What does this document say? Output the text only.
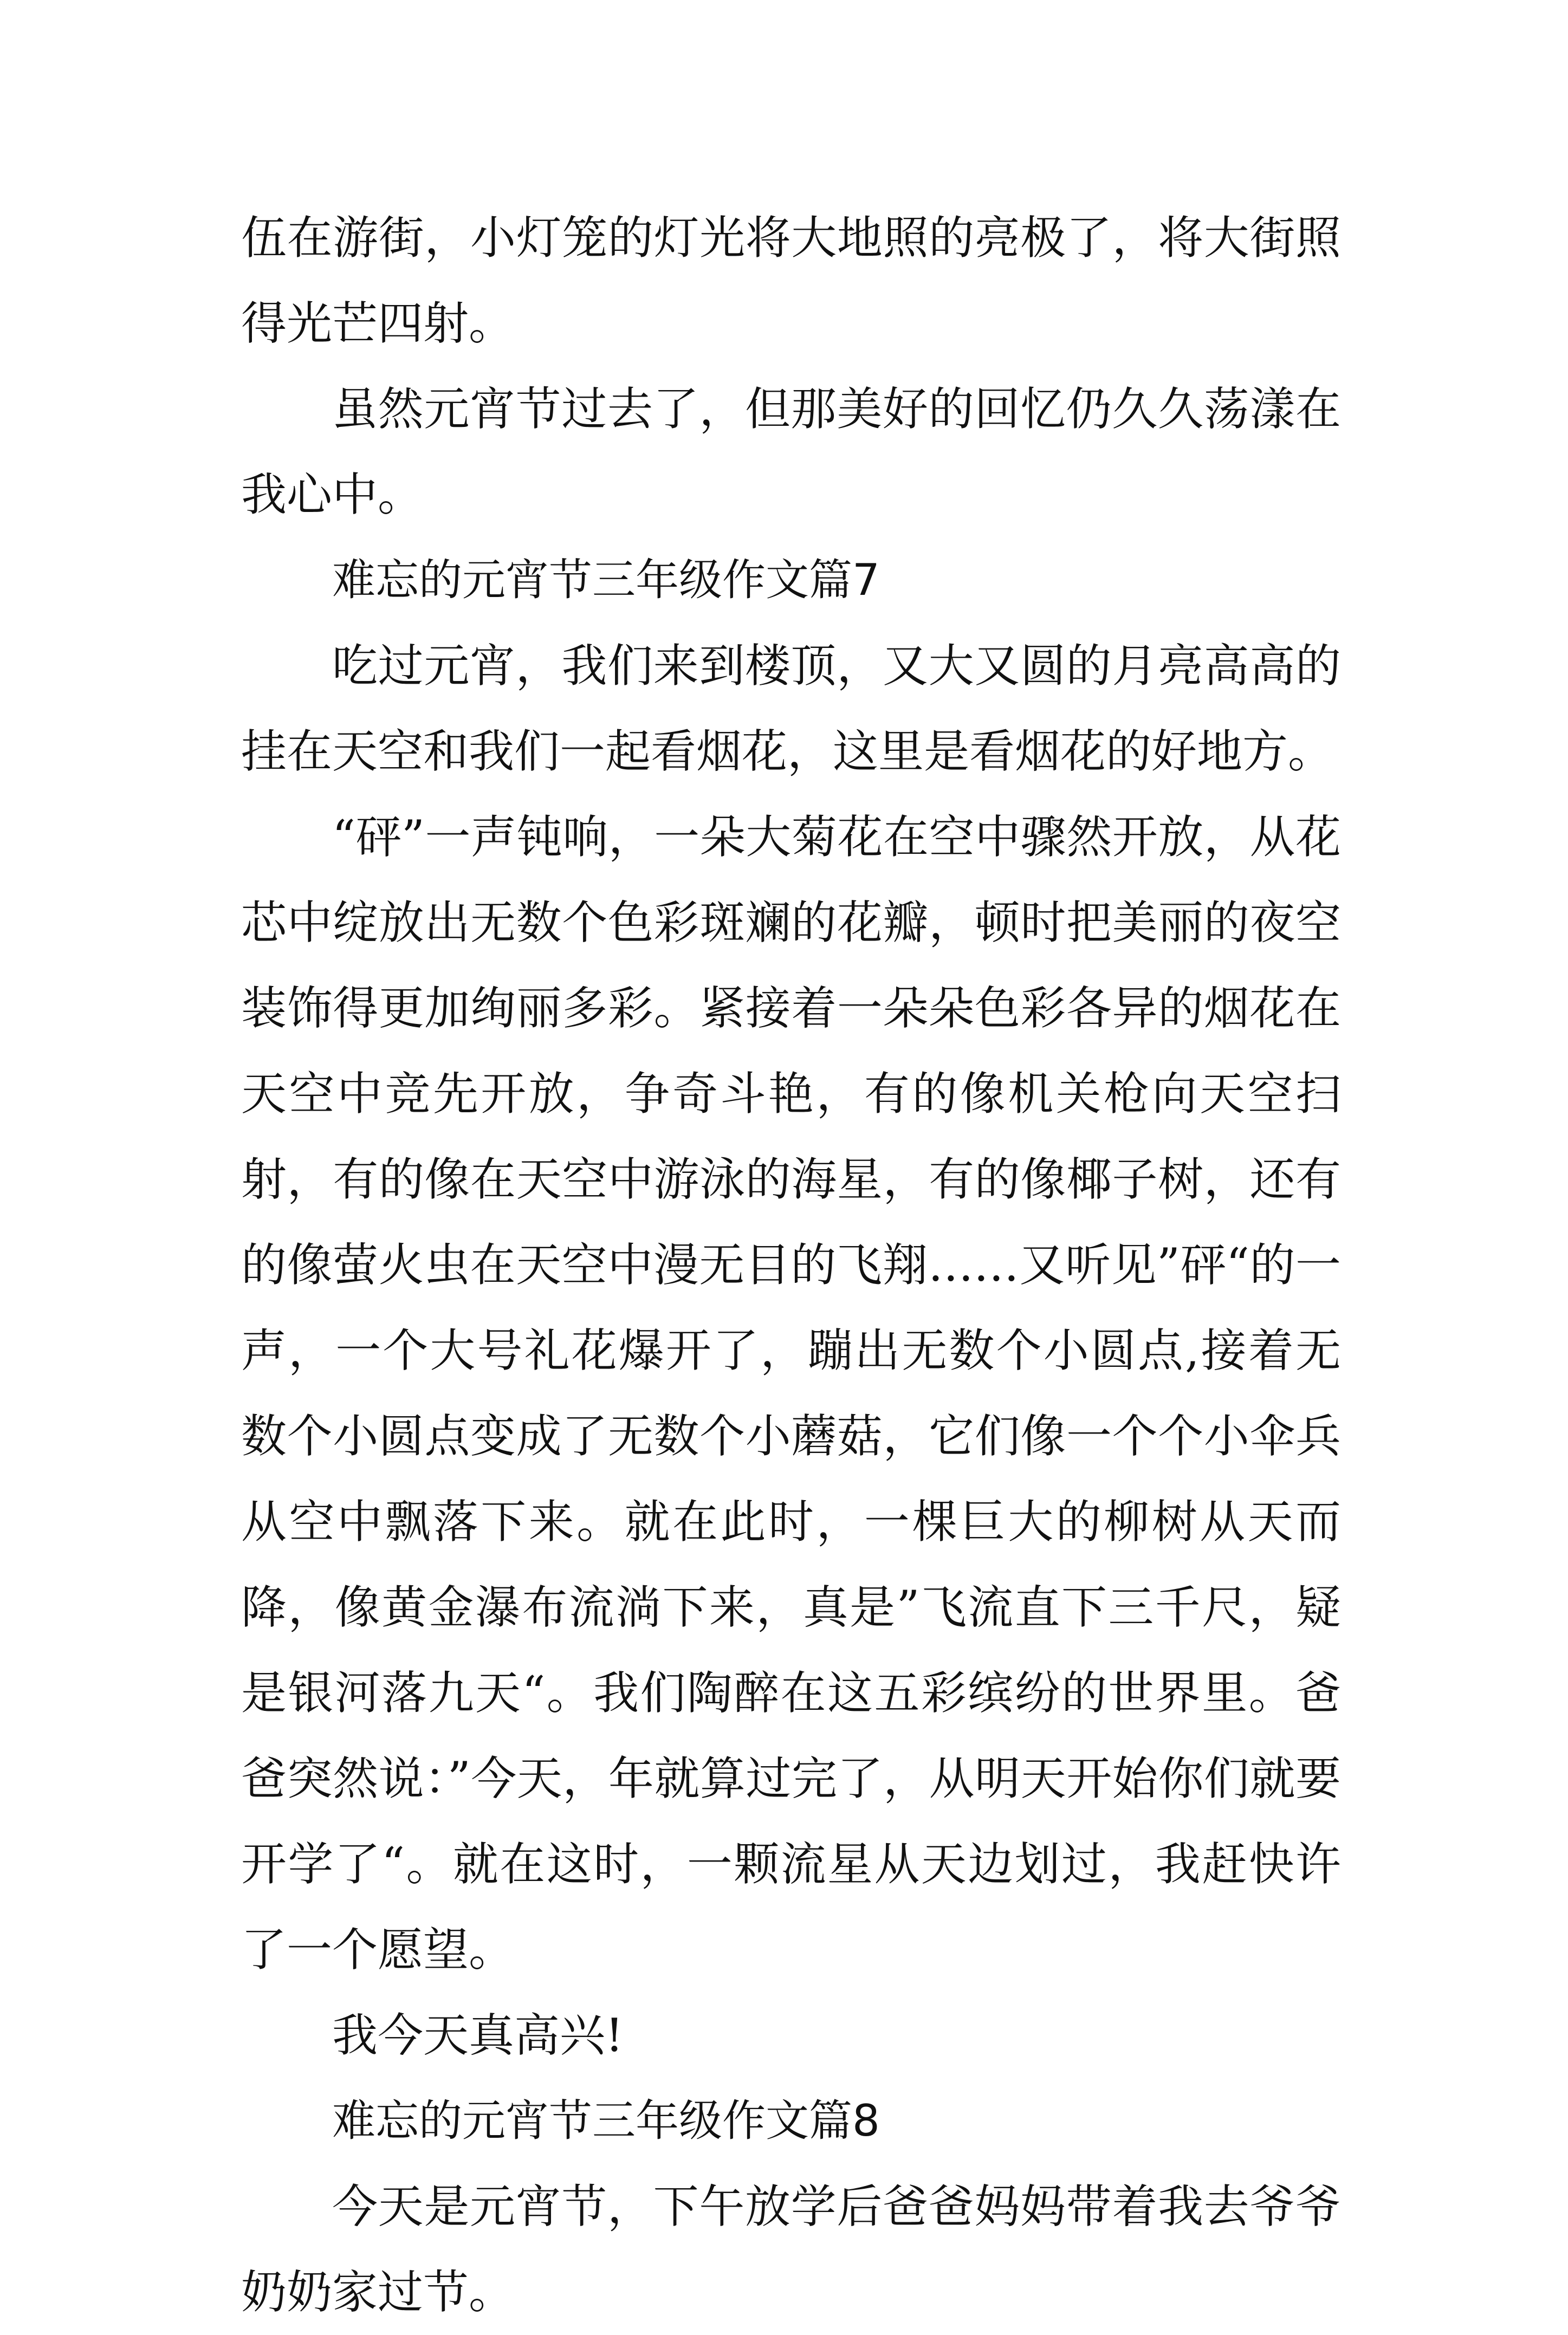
伍在游街，小灯笼的灯光将大地照的亮极了，将大街照得光芒四射。

虽然元宵节过去了，但那美好的回忆仍久久荡漾在我心中。

难忘的元宵节三年级作文篇7

吃过元宵，我们来到楼顶，又大又圆的月亮高高的挂在天空和我们一起看烟花，这里是看烟花的好地方。

“砰”一声钝响，一朵大菊花在空中骤然开放，从花芯中绽放出无数个色彩斑斓的花瓣，顿时把美丽的夜空装饰得更加绚丽多彩。紧接着一朵朵色彩各异的烟花在天空中竞先开放，争奇斗艳，有的像机关枪向天空扫射，有的像在天空中游泳的海星，有的像椰子树，还有的像萤火虫在天空中漫无目的飞翔……又听见”砰“的一声，一个大号礼花爆开了，蹦出无数个小圆点,接着无数个小圆点变成了无数个小蘑菇，它们像一个个小伞兵从空中飘落下来。就在此时，一棵巨大的柳树从天而降，像黄金瀑布流淌下来，真是”飞流直下三千尺，疑是银河落九天“。我们陶醉在这五彩缤纷的世界里。爸爸突然说：”今天，年就算过完了，从明天开始你们就要开学了“。就在这时，一颗流星从天边划过，我赶快许了一个愿望。

我今天真高兴!

难忘的元宵节三年级作文篇8

今天是元宵节，下午放学后爸爸妈妈带着我去爷爷奶奶家过节。
